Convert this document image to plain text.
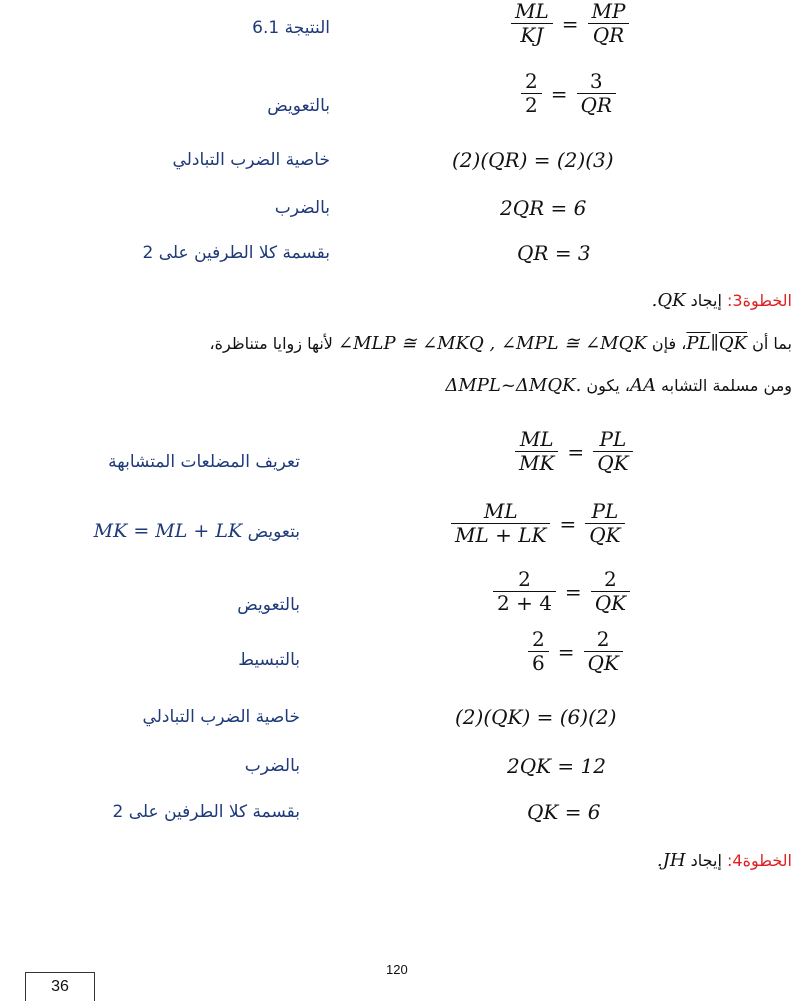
$\frac{ML}{KJ} = \frac{MP}{QR}$
النتيجة 6.1
$\frac{2}{2} = \frac{3}{QR}$
بالتعويض
(2)(QR) = (2)(3)
خاصية الضرب التبادلي
2QR = 6
بالضرب
QR = 3
بقسمة كلا الطرفين على 2
الخطوة3: إيجاد QK.
بما أن PL∥QK، فإن ∠MLP ≅ ∠MKQ , ∠MPL ≅ ∠MQK لأنها زوايا متناظرة،
ومن مسلمة التشابه AA، يكون ΔMPL~ΔMQK.
$\frac{ML}{MK} = \frac{PL}{QK}$
تعريف المضلعات المتشابهة
$\frac{ML}{ML + LK} = \frac{PL}{QK}$
بتعويض MK = ML + LK
$\frac{2}{2 + 4} = \frac{2}{QK}$
بالتعويض
$\frac{2}{6} = \frac{2}{QK}$
بالتبسيط
(2)(QK) = (6)(2)
خاصية الضرب التبادلي
2QK = 12
بالضرب
QK = 6
بقسمة كلا الطرفين على 2
الخطوة4: إيجاد JH.
120
36
